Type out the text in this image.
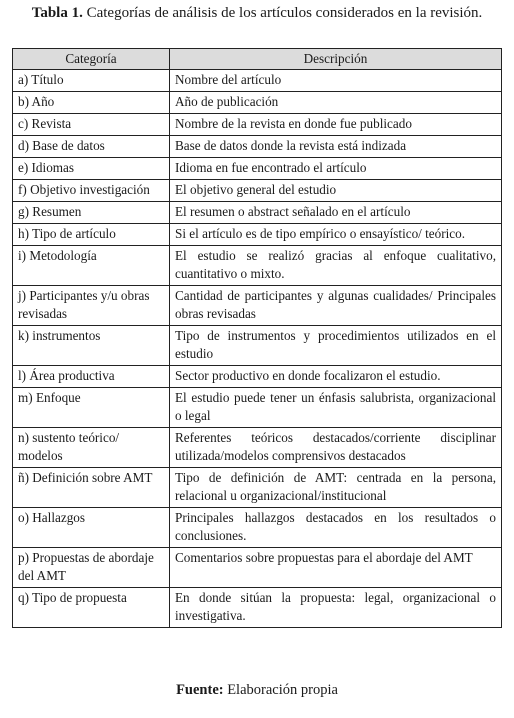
Tabla 1. Categorías de análisis de los artículos considerados en la revisión.
Categoría	Descripción
a) Título	Nombre del artículo
b) Año	Año de publicación
c) Revista	Nombre de la revista en donde fue publicado
d) Base de datos	Base de datos donde la revista está indizada
e) Idiomas	Idioma en fue encontrado el artículo
f) Objetivo investigación	El objetivo general del estudio
g) Resumen	El resumen o abstract señalado en el artículo
h) Tipo de artículo	Si el artículo es de tipo empírico o ensayístico/ teórico.
i) Metodología	El estudio se realizó gracias al enfoque cualitativo, cuantitativo o mixto.
j) Participantes y/u obras revisadas	Cantidad de participantes y algunas cualidades/ Principales obras revisadas
k) instrumentos	Tipo de instrumentos y procedimientos utilizados en el estudio
l) Área productiva	Sector productivo en donde focalizaron el estudio.
m) Enfoque	El estudio puede tener un énfasis salubrista, organizacional o legal
n) sustento teórico/ modelos	Referentes teóricos destacados/corriente disciplinar utilizada/modelos comprensivos destacados
ñ) Definición sobre AMT	Tipo de definición de AMT: centrada en la persona, relacional u organizacional/institucional
o) Hallazgos	Principales hallazgos destacados en los resultados o conclusiones.
p) Propuestas de abordaje del AMT	Comentarios sobre propuestas para el abordaje del AMT
q) Tipo de propuesta	En donde sitúan la propuesta: legal, organizacional o investigativa.
Fuente: Elaboración propia
